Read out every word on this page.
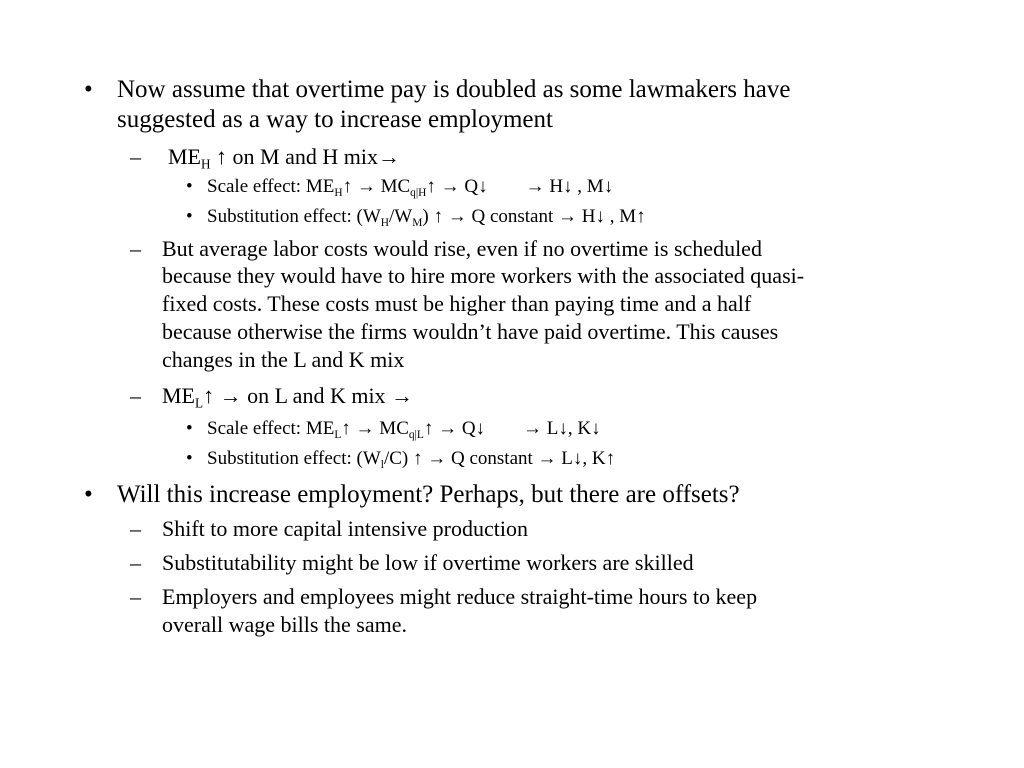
• Now assume that overtime pay is doubled as some lawmakers have
suggested as a way to increase employment
– $ME_H$ ↑ on M and H mix→
• Scale effect: $ME_H↑$ → $MC_{q|H}↑$ → Q↓ → H↓ , M↓
• Substitution effect: $(W_H/W_M)$ ↑ → Q constant → H↓ , M↑
– But average labor costs would rise, even if no overtime is scheduled
because they would have to hire more workers with the associated quasi-
fixed costs. These costs must be higher than paying time and a half
because otherwise the firms wouldn’t have paid overtime. This causes
changes in the L and K mix
– $ME_L↑$ → on L and K mix →
• Scale effect: $ME_L↑$ → $MC_{q|L}↑$ → Q↓ → L↓, K↓
• Substitution effect: $(W_l/C)$ ↑ → Q constant → L↓, K↑
• Will this increase employment? Perhaps, but there are offsets?
– Shift to more capital intensive production
– Substitutability might be low if overtime workers are skilled
– Employers and employees might reduce straight-time hours to keep
overall wage bills the same.
